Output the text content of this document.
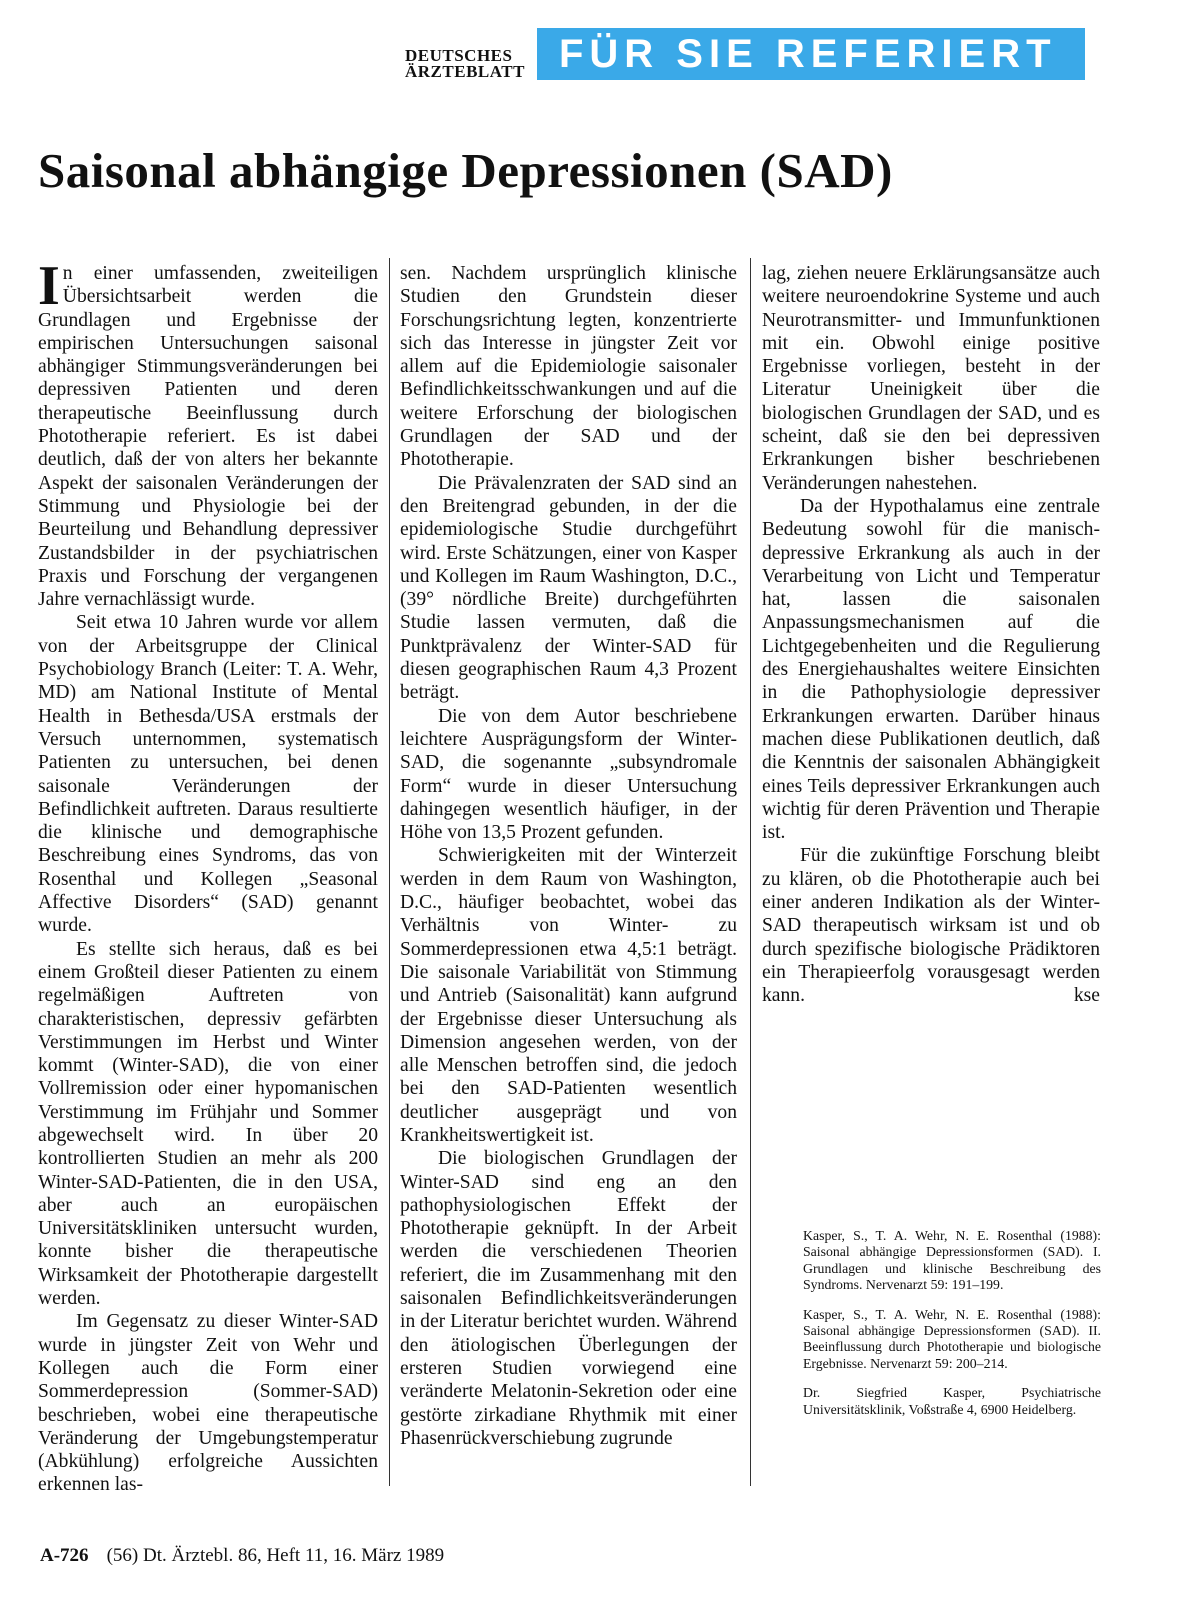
DEUTSCHES
ÄRZTEBLATT FÜR SIE REFERIERT
Saisonal abhängige Depressionen (SAD)

In einer umfassenden, zweiteiligen Übersichtsarbeit werden die Grundlagen und Ergebnisse der empirischen Untersuchungen saisonal abhängiger Stimmungsveränderungen bei depressiven Patienten und deren therapeutische Beeinflussung durch Phototherapie referiert. Es ist dabei deutlich, daß der von alters her bekannte Aspekt der saisonalen Veränderungen der Stimmung und Physiologie bei der Beurteilung und Behandlung depressiver Zustandsbilder in der psychiatrischen Praxis und Forschung der vergangenen Jahre vernachlässigt wurde.

Seit etwa 10 Jahren wurde vor allem von der Arbeitsgruppe der Clinical Psychobiology Branch (Leiter: T. A. Wehr, MD) am National Institute of Mental Health in Bethesda/USA erstmals der Versuch unternommen, systematisch Patienten zu untersuchen, bei denen saisonale Veränderungen der Befindlichkeit auftreten. Daraus resultierte die klinische und demographische Beschreibung eines Syndroms, das von Rosenthal und Kollegen „Seasonal Affective Disorders“ (SAD) genannt wurde.

Es stellte sich heraus, daß es bei einem Großteil dieser Patienten zu einem regelmäßigen Auftreten von charakteristischen, depressiv gefärbten Verstimmungen im Herbst und Winter kommt (Winter-SAD), die von einer Vollremission oder einer hypomanischen Verstimmung im Frühjahr und Sommer abgewechselt wird. In über 20 kontrollierten Studien an mehr als 200 Winter-SAD-Patienten, die in den USA, aber auch an europäischen Universitätskliniken untersucht wurden, konnte bisher die therapeutische Wirksamkeit der Phototherapie dargestellt werden.

Im Gegensatz zu dieser Winter-SAD wurde in jüngster Zeit von Wehr und Kollegen auch die Form einer Sommerdepression (Sommer-SAD) beschrieben, wobei eine therapeutische Veränderung der Umgebungstemperatur (Abkühlung) erfolgreiche Aussichten erkennen las-

sen. Nachdem ursprünglich klinische Studien den Grundstein dieser Forschungsrichtung legten, konzentrierte sich das Interesse in jüngster Zeit vor allem auf die Epidemiologie saisonaler Befindlichkeitsschwankungen und auf die weitere Erforschung der biologischen Grundlagen der SAD und der Phototherapie.

Die Prävalenzraten der SAD sind an den Breitengrad gebunden, in der die epidemiologische Studie durchgeführt wird. Erste Schätzungen, einer von Kasper und Kollegen im Raum Washington, D.C., (39° nördliche Breite) durchgeführten Studie lassen vermuten, daß die Punktprävalenz der Winter-SAD für diesen geographischen Raum 4,3 Prozent beträgt.

Die von dem Autor beschriebene leichtere Ausprägungsform der Winter-SAD, die sogenannte „subsyndromale Form“ wurde in dieser Untersuchung dahingegen wesentlich häufiger, in der Höhe von 13,5 Prozent gefunden.

Schwierigkeiten mit der Winterzeit werden in dem Raum von Washington, D.C., häufiger beobachtet, wobei das Verhältnis von Winter- zu Sommerdepressionen etwa 4,5:1 beträgt. Die saisonale Variabilität von Stimmung und Antrieb (Saisonalität) kann aufgrund der Ergebnisse dieser Untersuchung als Dimension angesehen werden, von der alle Menschen betroffen sind, die jedoch bei den SAD-Patienten wesentlich deutlicher ausgeprägt und von Krankheitswertigkeit ist.

Die biologischen Grundlagen der Winter-SAD sind eng an den pathophysiologischen Effekt der Phototherapie geknüpft. In der Arbeit werden die verschiedenen Theorien referiert, die im Zusammenhang mit den saisonalen Befindlichkeitsveränderungen in der Literatur berichtet wurden. Während den ätiologischen Überlegungen der ersteren Studien vorwiegend eine veränderte Melatonin-Sekretion oder eine gestörte zirkadiane Rhythmik mit einer Phasenrückverschiebung zugrunde

lag, ziehen neuere Erklärungsansätze auch weitere neuroendokrine Systeme und auch Neurotransmitter- und Immunfunktionen mit ein. Obwohl einige positive Ergebnisse vorliegen, besteht in der Literatur Uneinigkeit über die biologischen Grundlagen der SAD, und es scheint, daß sie den bei depressiven Erkrankungen bisher beschriebenen Veränderungen nahestehen.

Da der Hypothalamus eine zentrale Bedeutung sowohl für die manisch-depressive Erkrankung als auch in der Verarbeitung von Licht und Temperatur hat, lassen die saisonalen Anpassungsmechanismen auf die Lichtgegebenheiten und die Regulierung des Energiehaushaltes weitere Einsichten in die Pathophysiologie depressiver Erkrankungen erwarten. Darüber hinaus machen diese Publikationen deutlich, daß die Kenntnis der saisonalen Abhängigkeit eines Teils depressiver Erkrankungen auch wichtig für deren Prävention und Therapie ist.

Für die zukünftige Forschung bleibt zu klären, ob die Phototherapie auch bei einer anderen Indikation als der Winter-SAD therapeutisch wirksam ist und ob durch spezifische biologische Prädiktoren ein Therapieerfolg vorausgesagt werden kann.	kse

Kasper, S., T. A. Wehr, N. E. Rosenthal (1988): Saisonal abhängige Depressionsformen (SAD). I. Grundlagen und klinische Beschreibung des Syndroms. Nervenarzt 59: 191–199.

Kasper, S., T. A. Wehr, N. E. Rosenthal (1988): Saisonal abhängige Depressionsformen (SAD). II. Beeinflussung durch Phototherapie und biologische Ergebnisse. Nervenarzt 59: 200–214.

Dr. Siegfried Kasper, Psychiatrische Universitätsklinik, Voßstraße 4, 6900 Heidelberg.

A-726 (56) Dt. Ärztebl. 86, Heft 11, 16. März 1989
